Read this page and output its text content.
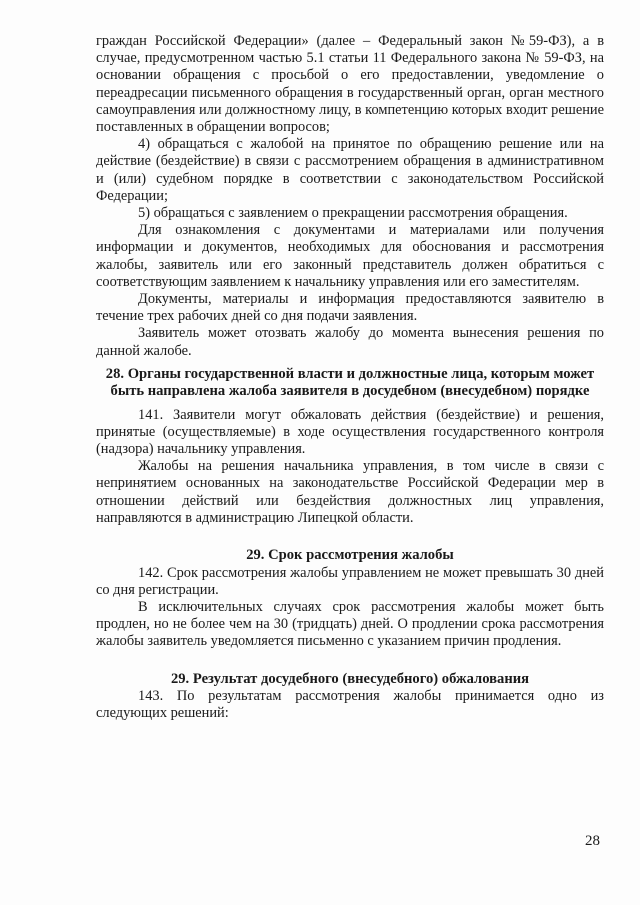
граждан Российской Федерации» (далее – Федеральный закон №59-ФЗ), а в случае, предусмотренном частью 5.1 статьи 11 Федерального закона № 59-ФЗ, на основании обращения с просьбой о его предоставлении, уведомление о переадресации письменного обращения в государственный орган, орган местного самоуправления или должностному лицу, в компетенцию которых входит решение поставленных в обращении вопросов;

4) обращаться с жалобой на принятое по обращению решение или на действие (бездействие) в связи с рассмотрением обращения в административном и (или) судебном порядке в соответствии с законодательством Российской Федерации;

5) обращаться с заявлением о прекращении рассмотрения обращения.

Для ознакомления с документами и материалами или получения информации и документов, необходимых для обоснования и рассмотрения жалобы, заявитель или его законный представитель должен обратиться с соответствующим заявлением к начальнику управления или его заместителям.

Документы, материалы и информация предоставляются заявителю в течение трех рабочих дней со дня подачи заявления.

Заявитель может отозвать жалобу до момента вынесения решения по данной жалобе.

28. Органы государственной власти и должностные лица, которым может быть направлена жалоба заявителя в досудебном (внесудебном) порядке

141. Заявители могут обжаловать действия (бездействие) и решения, принятые (осуществляемые) в ходе осуществления государственного контроля (надзора) начальнику управления.

Жалобы на решения начальника управления, в том числе в связи с непринятием основанных на законодательстве Российской Федерации мер в отношении действий или бездействия должностных лиц управления, направляются в администрацию Липецкой области.

29. Срок рассмотрения жалобы

142. Срок рассмотрения жалобы управлением не может превышать 30 дней со дня регистрации.

В исключительных случаях срок рассмотрения жалобы может быть продлен, но не более чем на 30 (тридцать) дней. О продлении срока рассмотрения жалобы заявитель уведомляется письменно с указанием причин продления.

29. Результат досудебного (внесудебного) обжалования

143. По результатам рассмотрения жалобы принимается одно из следующих решений:

28
